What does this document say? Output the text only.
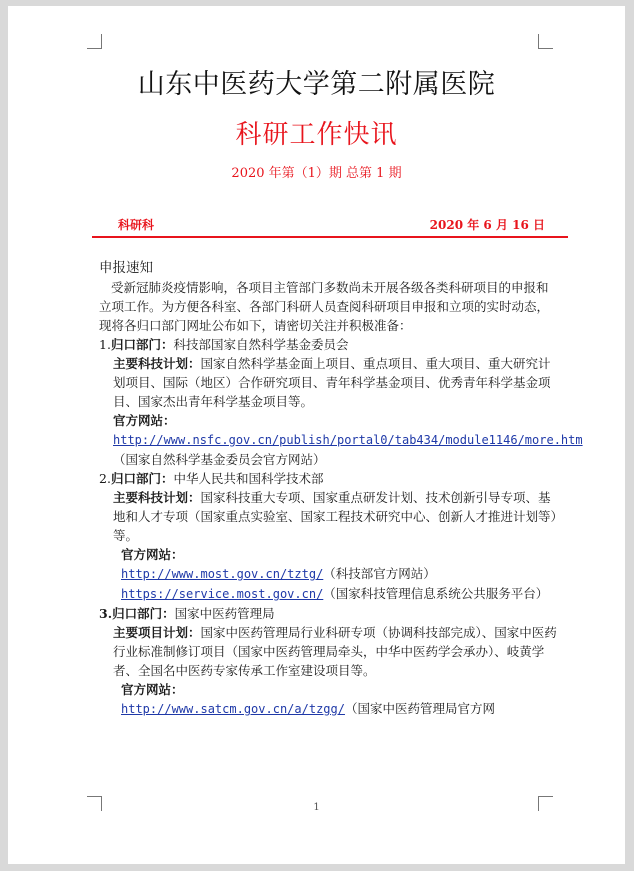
山东中医药大学第二附属医院
科研工作快讯
2020 年第（1）期 总第 1 期
科研科	2020 年 6 月 16 日

申报速知

受新冠肺炎疫情影响，各项目主管部门多数尚未开展各级各类科研项目的申报和立项工作。为方便各科室、各部门科研人员查阅科研项目申报和立项的实时动态，现将各归口部门网址公布如下，请密切关注并积极准备：

1.归口部门：科技部国家自然科学基金委员会

主要科技计划：国家自然科学基金面上项目、重点项目、重大项目、重大研究计划项目、国际（地区）合作研究项目、青年科学基金项目、优秀青年科学基金项目、国家杰出青年科学基金项目等。

官方网站：

http://www.nsfc.gov.cn/publish/portal0/tab434/module1146/more.htm（国家自然科学基金委员会官方网站）

2.归口部门：中华人民共和国科学技术部

主要科技计划：国家科技重大专项、国家重点研发计划、技术创新引导专项、基地和人才专项（国家重点实验室、国家工程技术研究中心、创新人才推进计划等）等。

官方网站：

http://www.most.gov.cn/tztg/（科技部官方网站）

https://service.most.gov.cn/（国家科技管理信息系统公共服务平台）

3.归口部门：国家中医药管理局

主要项目计划：国家中医药管理局行业科研专项（协调科技部完成）、国家中医药行业标准制修订项目（国家中医药管理局牵头，中华中医药学会承办）、岐黄学者、全国名中医药专家传承工作室建设项目等。

官方网站：

http://www.satcm.gov.cn/a/tzgg/（国家中医药管理局官方网

1
